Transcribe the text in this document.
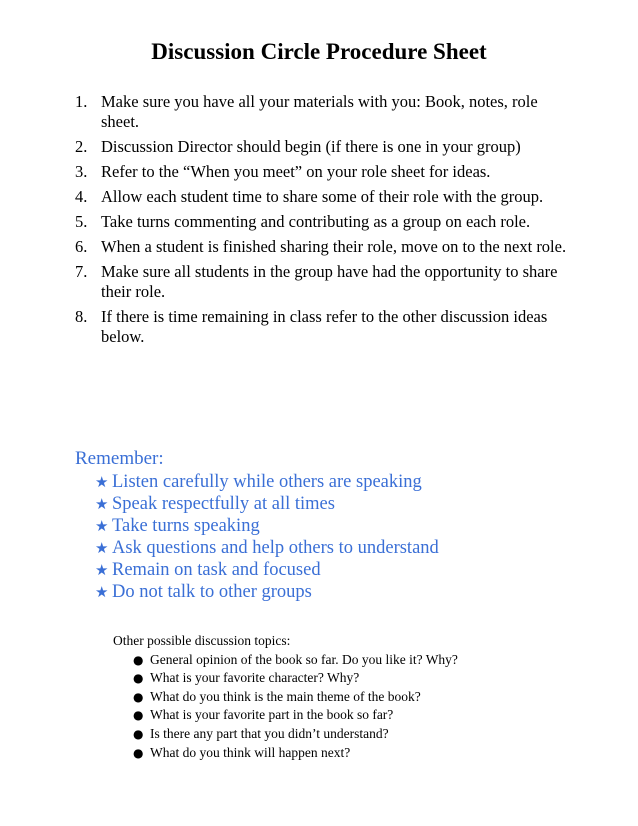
Discussion Circle Procedure Sheet
1. Make sure you have all your materials with you: Book, notes, role sheet.
2. Discussion Director should begin (if there is one in your group)
3. Refer to the “When you meet” on your role sheet for ideas.
4. Allow each student time to share some of their role with the group.
5. Take turns commenting and contributing as a group on each role.
6. When a student is finished sharing their role, move on to the next role.
7. Make sure all students in the group have had the opportunity to share their role.
8. If there is time remaining in class refer to the other discussion ideas below.
Remember:
★ Listen carefully while others are speaking
★ Speak respectfully at all times
★ Take turns speaking
★ Ask questions and help others to understand
★ Remain on task and focused
★ Do not talk to other groups
Other possible discussion topics:
● General opinion of the book so far. Do you like it? Why?
● What is your favorite character? Why?
● What do you think is the main theme of the book?
● What is your favorite part in the book so far?
● Is there any part that you didn’t understand?
● What do you think will happen next?
